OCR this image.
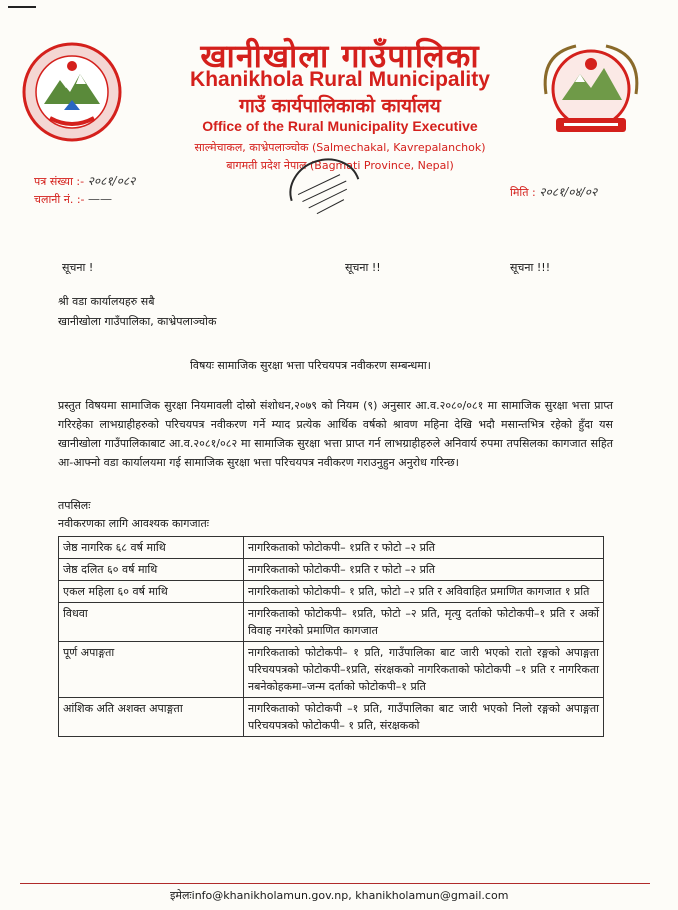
खानीखोला गाउँपालिका
Khanikhola Rural Municipality
गाउँ कार्यपालिकाको कार्यालय
Office of the Rural Municipality Executive
साल्मेचाकल, काभ्रेपलाञ्चोक (Salmechakal, Kavrepalanchok)
बागमती प्रदेश नेपाल (Bagmati Province, Nepal)
पत्र संख्या :- २०८१/०८२
चलानी नं. :- ——	मिति : २०८१/०४/०२
सूचना !	सूचना !!	सूचना !!!
श्री वडा कार्यालयहरु सबै
खानीखोला गाउँपालिका, काभ्रेपलाञ्चोक
विषयः सामाजिक सुरक्षा भत्ता परिचयपत्र नवीकरण सम्बन्धमा।
प्रस्तुत विषयमा सामाजिक सुरक्षा नियमावली दोस्रो संशोधन,२०७९ को नियम (९) अनुसार आ.व.२०८०/०८१ मा सामाजिक सुरक्षा भत्ता प्राप्त गरिरहेका लाभग्राहीहरुको परिचयपत्र नवीकरण गर्ने म्याद प्रत्येक आर्थिक वर्षको श्रावण महिना देखि भदौ मसान्तभित्र रहेको हुँदा यस खानीखोला गाउँपालिकाबाट आ.व.२०८१/०८२ मा सामाजिक सुरक्षा भत्ता प्राप्त गर्न लाभग्राहीहरुले अनिवार्य रुपमा तपसिलका कागजात सहित आ-आफ्नो वडा कार्यालयमा गई सामाजिक सुरक्षा भत्ता परिचयपत्र नवीकरण गराउनुहुन अनुरोध गरिन्छ।
तपसिलः
नवीकरणका लागि आवश्यक कागजातः
जेष्ठ नागरिक ६८ वर्ष माथि	नागरिकताको फोटोकपी– १प्रति र फोटो –२ प्रति
जेष्ठ दलित ६० वर्ष माथि	नागरिकताको फोटोकपी– १प्रति र फोटो –२ प्रति
एकल महिला ६० वर्ष माथि	नागरिकताको फोटोकपी– १ प्रति, फोटो –२ प्रति र अविवाहित प्रमाणित कागजात १ प्रति
विधवा	नागरिकताको फोटोकपी– १प्रति, फोटो –२ प्रति, मृत्यु दर्ताको फोटोकपी–१ प्रति र अर्को विवाह नगरेको प्रमाणित कागजात
पूर्ण अपाङ्गता	नागरिकताको फोटोकपी– १ प्रति, गाउँपालिका बाट जारी भएको रातो रङ्गको अपाङ्गता परिचयपत्रको फोटोकपी–१प्रति, संरक्षकको नागरिकताको फोटोकपी –१ प्रति र नागरिकता नबनेकोहकमा–जन्म दर्ताको फोटोकपी–१ प्रति
आंशिक अति अशक्त अपाङ्गता	नागरिकताको फोटोकपी –१ प्रति, गाउँपालिका बाट जारी भएको निलो रङ्गको अपाङ्गता परिचयपत्रको फोटोकपी– १ प्रति, संरक्षकको
इमेलःinfo@khanikholamun.gov.np, khanikholamun@gmail.com
